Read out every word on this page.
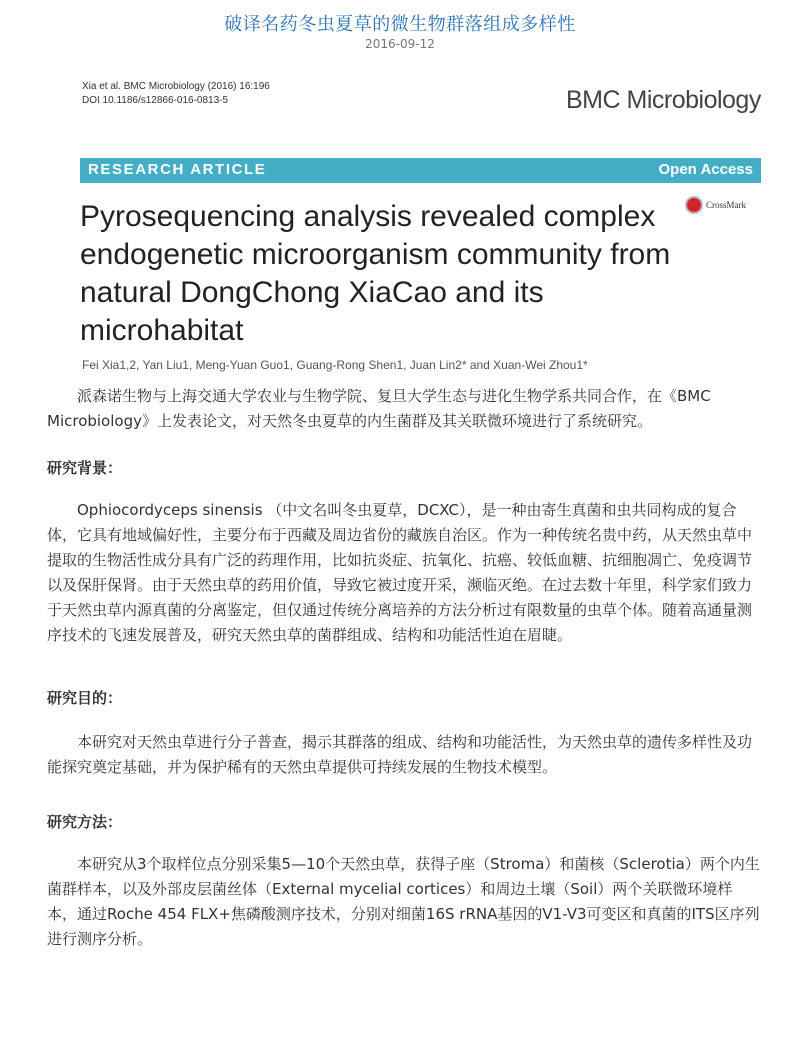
破译名药冬虫夏草的微生物群落组成多样性
2016-09-12
Xia et al. BMC Microbiology (2016) 16:196
DOI 10.1186/s12866-016-0813-5	BMC Microbiology
RESEARCH ARTICLE	Open Access
CrossMark
Pyrosequencing analysis revealed complex endogenetic microorganism community from natural DongChong XiaCao and its microhabitat
Fei Xia1,2, Yan Liu1, Meng-Yuan Guo1, Guang-Rong Shen1, Juan Lin2* and Xuan-Wei Zhou1*
派森诺生物与上海交通大学农业与生物学院、复旦大学生态与进化生物学系共同合作，在《BMC Microbiology》上发表论文，对天然冬虫夏草的内生菌群及其关联微环境进行了系统研究。
研究背景：
Ophiocordyceps sinensis （中文名叫冬虫夏草，DCXC），是一种由寄生真菌和虫共同构成的复合体，它具有地域偏好性，主要分布于西藏及周边省份的藏族自治区。作为一种传统名贵中药，从天然虫草中提取的生物活性成分具有广泛的药理作用，比如抗炎症、抗氧化、抗癌、较低血糖、抗细胞凋亡、免疫调节以及保肝保肾。由于天然虫草的药用价值，导致它被过度开采，濒临灭绝。在过去数十年里，科学家们致力于天然虫草内源真菌的分离鉴定，但仅通过传统分离培养的方法分析过有限数量的虫草个体。随着高通量测序技术的飞速发展普及，研究天然虫草的菌群组成、结构和功能活性迫在眉睫。
研究目的：
本研究对天然虫草进行分子普查，揭示其群落的组成、结构和功能活性，为天然虫草的遗传多样性及功能探究奠定基础，并为保护稀有的天然虫草提供可持续发展的生物技术模型。
研究方法：
本研究从3个取样位点分别采集5—10个天然虫草，获得子座（Stroma）和菌核（Sclerotia）两个内生菌群样本，以及外部皮层菌丝体（External mycelial cortices）和周边土壤（Soil）两个关联微环境样本，通过Roche 454 FLX+焦磷酸测序技术，分别对细菌16S rRNA基因的V1-V3可变区和真菌的ITS区序列进行测序分析。
